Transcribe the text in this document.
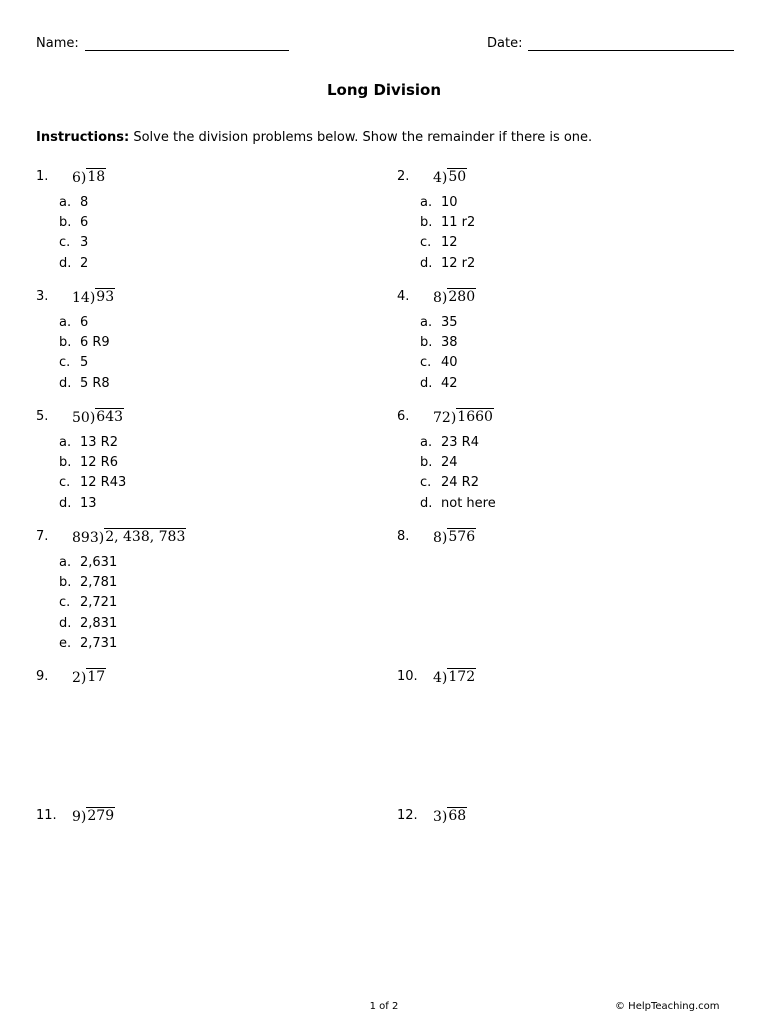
Name:	Date:
Long Division
Instructions: Solve the division problems below. Show the remainder if there is one.
1.	6 ) 18
a. 8
b. 6
c. 3
d. 2
2.	4 ) 50
a. 10
b. 11 r2
c. 12
d. 12 r2
3.	14 ) 93
a. 6
b. 6 R9
c. 5
d. 5 R8
4.	8 ) 280
a. 35
b. 38
c. 40
d. 42
5.	50 ) 643
a. 13 R2
b. 12 R6
c. 12 R43
d. 13
6.	72 ) 1660
a. 23 R4
b. 24
c. 24 R2
d. not here
7.	893 ) 2, 438, 783
a. 2,631
b. 2,781
c. 2,721
d. 2,831
e. 2,731
8.	8 ) 576
9.	2 ) 17	10.	4 ) 172
11.	9 ) 279	12.	3 ) 68
1 of 2	© HelpTeaching.com
